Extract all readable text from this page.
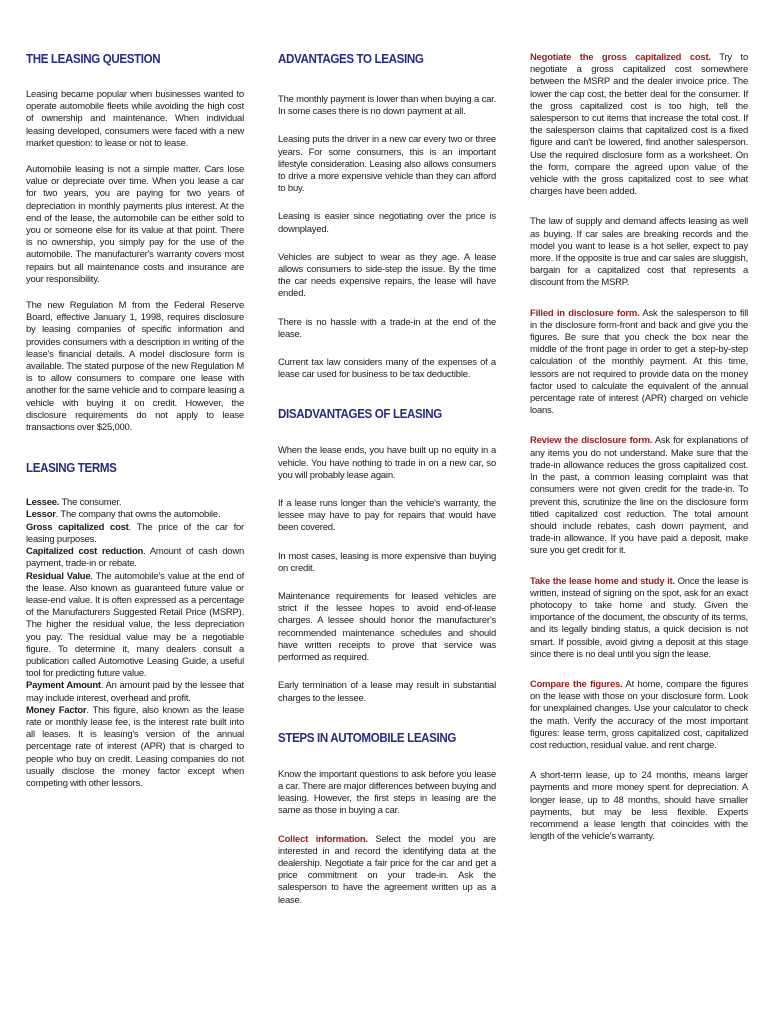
THE LEASING QUESTION

Leasing became popular when businesses wanted to operate automobile fleets while avoiding the high cost of ownership and maintenance. When individual leasing developed, consumers were faced with a new market question: to lease or not to lease.

Automobile leasing is not a simple matter. Cars lose value or depreciate over time. When you lease a car for two years, you are paying for two years of depreciation in monthly payments plus interest. At the end of the lease, the automobile can be either sold to you or someone else for its value at that point. There is no ownership, you simply pay for the use of the automobile. The manufacturer's warranty covers most repairs but all maintenance costs and insurance are your responsibility.

The new Regulation M from the Federal Reserve Board, effective January 1, 1998, requires disclosure by leasing companies of specific information and provides consumers with a description in writing of the lease's financial details. A model disclosure form is available. The stated purpose of the new Regulation M is to allow consumers to compare one lease with another for the same vehicle and to compare leasing a vehicle with buying it on credit. However, the disclosure requirements do not apply to lease transactions over $25,000.

LEASING TERMS

Lessee. The consumer.

Lessor. The company that owns the automobile.

Gross capitalized cost. The price of the car for leasing purposes.

Capitalized cost reduction. Amount of cash down payment, trade-in or rebate.

Residual Value. The automobile's value at the end of the lease. Also known as guaranteed future value or lease-end value. It is often expressed as a percentage of the Manufacturers Suggested Retail Price (MSRP). The higher the residual value, the less depreciation you pay. The residual value may be a negotiable figure. To determine it, many dealers consult a publication called Automotive Leasing Guide, a useful tool for predicting future value.

Payment Amount. An amount paid by the lessee that may include interest, overhead and profit.

Money Factor. This figure, also known as the lease rate or monthly lease fee, is the interest rate built into all leases. It is leasing's version of the annual percentage rate of interest (APR) that is charged to people who buy on credit. Leasing companies do not usually disclose the money factor except when competing with other lessors.

ADVANTAGES TO LEASING

The monthly payment is lower than when buying a car. In some cases there is no down payment at all.

Leasing puts the driver in a new car every two or three years. For some consumers, this is an important lifestyle consideration. Leasing also allows consumers to drive a more expensive vehicle than they can afford to buy.

Leasing is easier since negotiating over the price is downplayed.

Vehicles are subject to wear as they age. A lease allows consumers to side-step the issue. By the time the car needs expensive repairs, the lease will have ended.

There is no hassle with a trade-in at the end of the lease.

Current tax law considers many of the expenses of a lease car used for business to be tax deductible.

DISADVANTAGES OF LEASING

When the lease ends, you have built up no equity in a vehicle. You have nothing to trade in on a new car, so you will probably lease again.

If a lease runs longer than the vehicle's warranty, the lessee may have to pay for repairs that would have been covered.

In most cases, leasing is more expensive than buying on credit.

Maintenance requirements for leased vehicles are strict if the lessee hopes to avoid end-of-lease charges. A lessee should honor the manufacturer's recommended maintenance schedules and should have written receipts to prove that service was performed as required.

Early termination of a lease may result in substantial charges to the lessee.

STEPS IN AUTOMOBILE LEASING

Know the important questions to ask before you lease a car. There are major differences between buying and leasing. However, the first steps in leasing are the same as those in buying a car.

Collect information. Select the model you are interested in and record the identifying data at the dealership. Negotiate a fair price for the car and get a price commitment on your trade-in. Ask the salesperson to have the agreement written up as a lease.

Negotiate the gross capitalized cost. Try to negotiate a gross capitalized cost somewhere between the MSRP and the dealer invoice price. The lower the cap cost, the better deal for the consumer. If the gross capitalized cost is too high, tell the salesperson to cut items that increase the total cost. If the salesperson claims that capitalized cost is a fixed figure and can't be lowered, find another salesperson. Use the required disclosure form as a worksheet. On the form, compare the agreed upon value of the vehicle with the gross capitalized cost to see what charges have been added.

The law of supply and demand affects leasing as well as buying. If car sales are breaking records and the model you want to lease is a hot seller, expect to pay more. If the opposite is true and car sales are sluggish, bargain for a capitalized cost that represents a discount from the MSRP.

Filled in disclosure form. Ask the salesperson to fill in the disclosure form-front and back and give you the figures. Be sure that you check the box near the middle of the front page in order to get a step-by-step calculation of the monthly payment. At this time, lessors are not required to provide data on the money factor used to calculate the equivalent of the annual percentage rate of interest (APR) charged on vehicle loans.

Review the disclosure form. Ask for explanations of any items you do not understand. Make sure that the trade-in allowance reduces the gross capitalized cost. In the past, a common leasing complaint was that consumers were not given credit for the trade-in. To prevent this, scrutinize the line on the disclosure form titled capitalized cost reduction. The total amount should include rebates, cash down payment, and trade-in allowance. If you have paid a deposit, make sure you get credit for it.

Take the lease home and study it. Once the lease is written, instead of signing on the spot, ask for an exact photocopy to take home and study. Given the importance of the document, the obscurity of its terms, and its legally binding status, a quick decision is not smart. If possible, avoid giving a deposit at this stage since there is no deal until you sign the lease.

Compare the figures. At home, compare the figures on the lease with those on your disclosure form. Look for unexplained changes. Use your calculator to check the math. Verify the accuracy of the most important figures: lease term, gross capitalized cost, capitalized cost reduction, residual value. and rent charge.

A short-term lease, up to 24 months, means larger payments and more money spent for depreciation. A longer lease, up to 48 months, should have smaller payments, but may be less flexible. Experts recommend a lease length that coincides with the length of the vehicle's warranty.
